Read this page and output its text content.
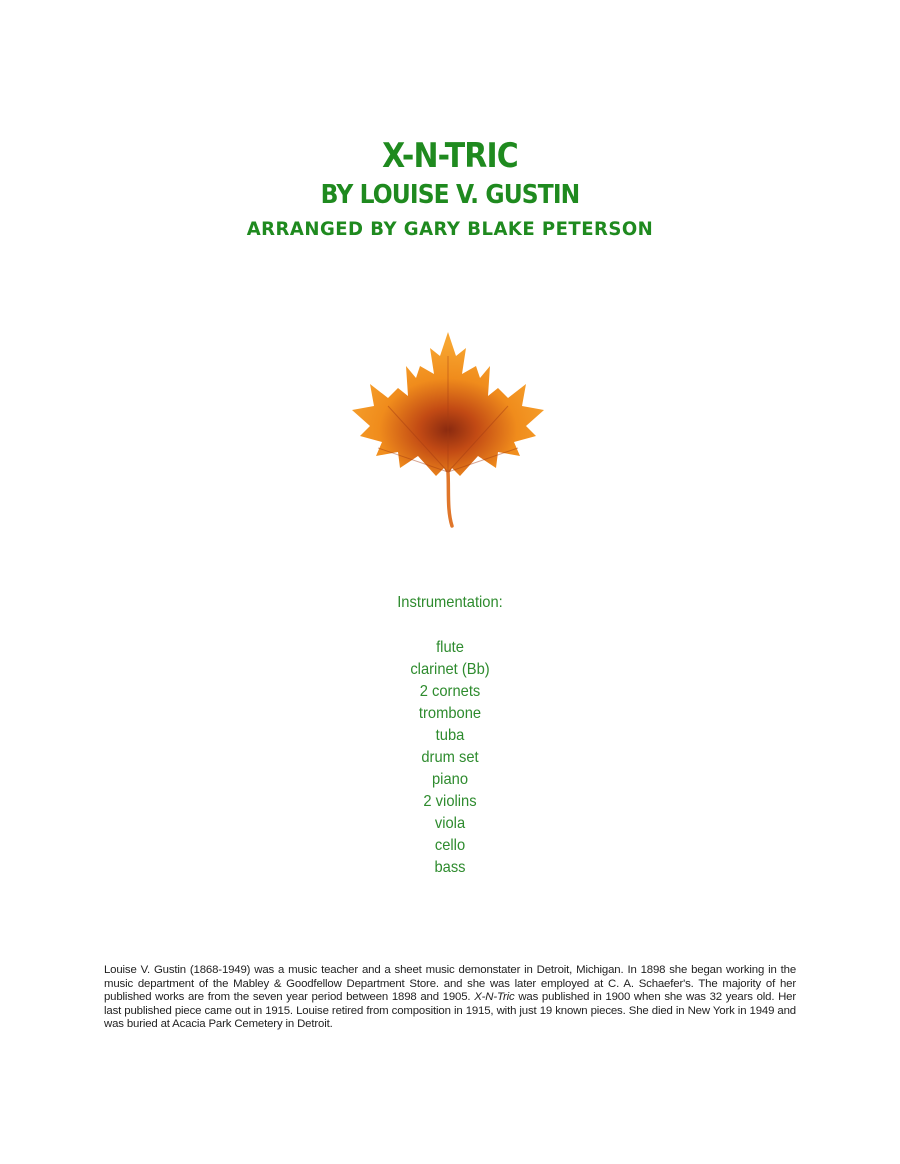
X-N-TRIC
BY LOUISE V. GUSTIN
ARRANGED BY GARY BLAKE PETERSON

Instrumentation:

flute
clarinet (Bb)
2 cornets
trombone
tuba
drum set
piano
2 violins
viola
cello
bass

Louise V. Gustin (1868-1949) was a music teacher and a sheet music demonstater in Detroit, Michigan. In 1898 she began working in the music department of the Mabley & Goodfellow Department Store. and she was later employed at C. A. Schaefer's. The majority of her published works are from the seven year period between 1898 and 1905. X-N-Tric was published in 1900 when she was 32 years old. Her last published piece came out in 1915. Louise retired from composition in 1915, with just 19 known pieces. She died in New York in 1949 and was buried at Acacia Park Cemetery in Detroit.
